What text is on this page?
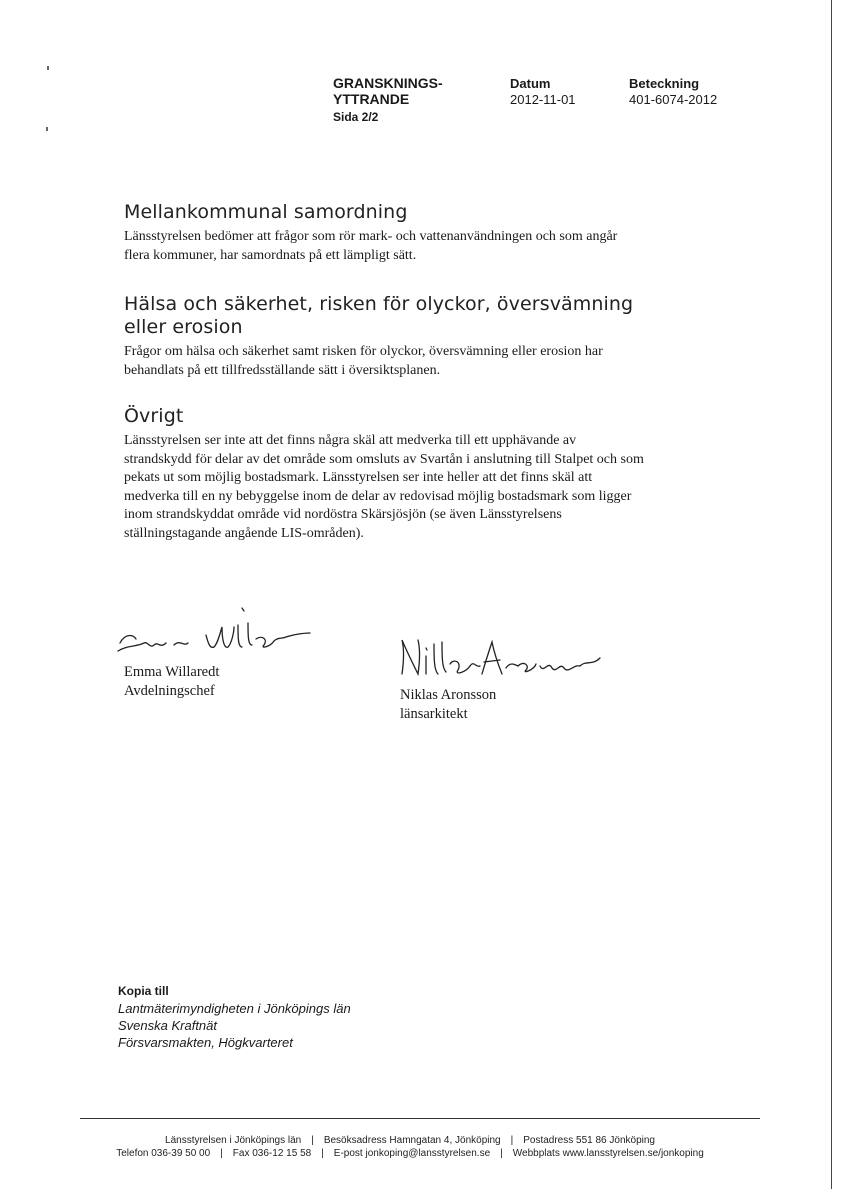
GRANSKNINGS-
YTTRANDE
Sida 2/2
Datum
2012-11-01
Beteckning
401-6074-2012
Mellankommunal samordning

Länsstyrelsen bedömer att frågor som rör mark- och vattenanvändningen och som angår flera kommuner, har samordnats på ett lämpligt sätt.

Hälsa och säkerhet, risken för olyckor, översvämning eller erosion

Frågor om hälsa och säkerhet samt risken för olyckor, översvämning eller erosion har behandlats på ett tillfredsställande sätt i översiktsplanen.

Övrigt

Länsstyrelsen ser inte att det finns några skäl att medverka till ett upphävande av strandskydd för delar av det område som omsluts av Svartån i anslutning till Stalpet och som pekats ut som möjlig bostadsmark. Länsstyrelsen ser inte heller att det finns skäl att medverka till en ny bebyggelse inom de delar av redovisad möjlig bostadsmark som ligger inom strandskyddat område vid nordöstra Skärsjösjön (se även Länsstyrelsens ställningstagande angående LIS-områden).

Emma Willaredt
Avdelningschef	Niklas Aronsson
länsarkitekt
Kopia till
Lantmäterimyndigheten i Jönköpings län
Svenska Kraftnät
Försvarsmakten, Högkvarteret
Länsstyrelsen i Jönköpings län | Besöksadress Hamngatan 4, Jönköping | Postadress 551 86 Jönköping
Telefon 036-39 50 00 | Fax 036-12 15 58 | E-post jonkoping@lansstyrelsen.se | Webbplats www.lansstyrelsen.se/jonkoping
